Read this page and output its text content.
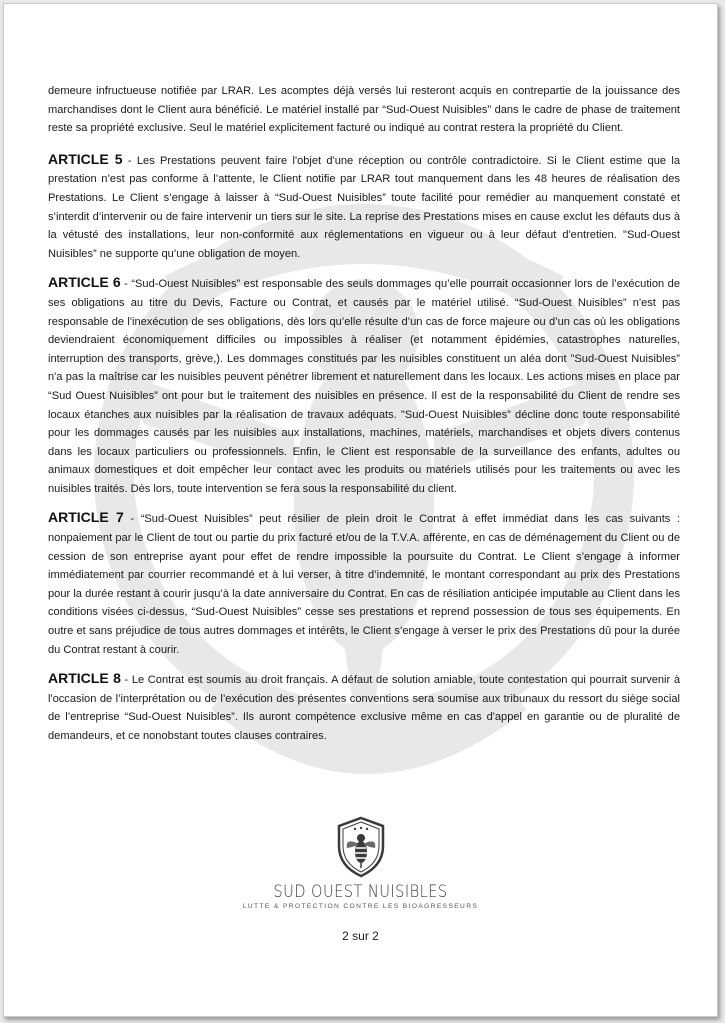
demeure infructueuse notifiée par LRAR. Les acomptes déjà versés lui resteront acquis en contrepartie de la jouissance des marchandises dont le Client aura bénéficié. Le matériel installé par “Sud-Ouest Nuisibles” dans le cadre de phase de traitement reste sa propriété exclusive. Seul le matériel explicitement facturé ou indiqué au contrat restera la propriété du Client.

ARTICLE 5 - Les Prestations peuvent faire l'objet d'une réception ou contrôle contradictoire. Si le Client estime que la prestation n’est pas conforme à l’attente, le Client notifie par LRAR tout manquement dans les 48 heures de réalisation des Prestations. Le Client s’engage à laisser à “Sud-Ouest Nuisibles” toute facilité pour remédier au manquement constaté et s’interdit d’intervenir ou de faire intervenir un tiers sur le site. La reprise des Prestations mises en cause exclut les défauts dus à la vétusté des installations, leur non-conformité aux réglementations en vigueur ou à leur défaut d'entretien. "Sud-Ouest Nuisibles” ne supporte qu’une obligation de moyen.

ARTICLE 6 - “Sud-Ouest Nuisibles” est responsable des seuls dommages qu’elle pourrait occasionner lors de l’exécution de ses obligations au titre du Devis, Facture ou Contrat, et causés par le matériel utilisé. “Sud-Ouest Nuisibles” n'est pas responsable de l'inexécution de ses obligations, dès lors qu’elle résulte d’un cas de force majeure ou d’un cas où les obligations deviendraient économiquement difficiles ou impossibles à réaliser (et notamment épidémies, catastrophes naturelles, interruption des transports, grève,). Les dommages constitués par les nuisibles constituent un aléa dont "Sud-Ouest Nuisibles” n'a pas la maîtrise car les nuisibles peuvent pénétrer librement et naturellement dans les locaux. Les actions mises en place par “Sud Ouest Nuisibles” ont pour but le traitement des nuisibles en présence. Il est de la responsabilité du Client de rendre ses locaux étanches aux nuisibles par la réalisation de travaux adéquats. "Sud-Ouest Nuisibles” décline donc toute responsabilité pour les dommages causés par les nuisibles aux installations, machines, matériels, marchandises et objets divers contenus dans les locaux particuliers ou professionnels. Enfin, le Client est responsable de la surveillance des enfants, adultes ou animaux domestiques et doit empêcher leur contact avec les produits ou matériels utilisés pour les traitements ou avec les nuisibles traités. Dès lors, toute intervention se fera sous la responsabilité du client.

ARTICLE 7 - “Sud-Ouest Nuisibles” peut résilier de plein droit le Contrat à effet immédiat dans les cas suivants : nonpaiement par le Client de tout ou partie du prix facturé et/ou de la T.V.A. afférente, en cas de déménagement du Client ou de cession de son entreprise ayant pour effet de rendre impossible la poursuite du Contrat. Le Client s’engage à informer immédiatement par courrier recommandé et à lui verser, à titre d’indemnité, le montant correspondant au prix des Prestations pour la durée restant à courir jusqu’à la date anniversaire du Contrat. En cas de résiliation anticipée imputable au Client dans les conditions visées ci-dessus, “Sud-Ouest Nuisibles” cesse ses prestations et reprend possession de tous ses équipements. En outre et sans préjudice de tous autres dommages et intérêts, le Client s’engage à verser le prix des Prestations dû pour la durée du Contrat restant à courir.

ARTICLE 8 - Le Contrat est soumis au droit français. A défaut de solution amiable, toute contestation qui pourrait survenir à l'occasion de l’interprétation ou de l’exécution des présentes conventions sera soumise aux tribunaux du ressort du siège social de l’entreprise “Sud-Ouest Nuisibles”. Ils auront compétence exclusive même en cas d'appel en garantie ou de pluralité de demandeurs, et ce nonobstant toutes clauses contraires.

SUD OUEST NUISIBLES
LUTTE & PROTECTION CONTRE LES BIOAGRESSEURS
2 sur 2
